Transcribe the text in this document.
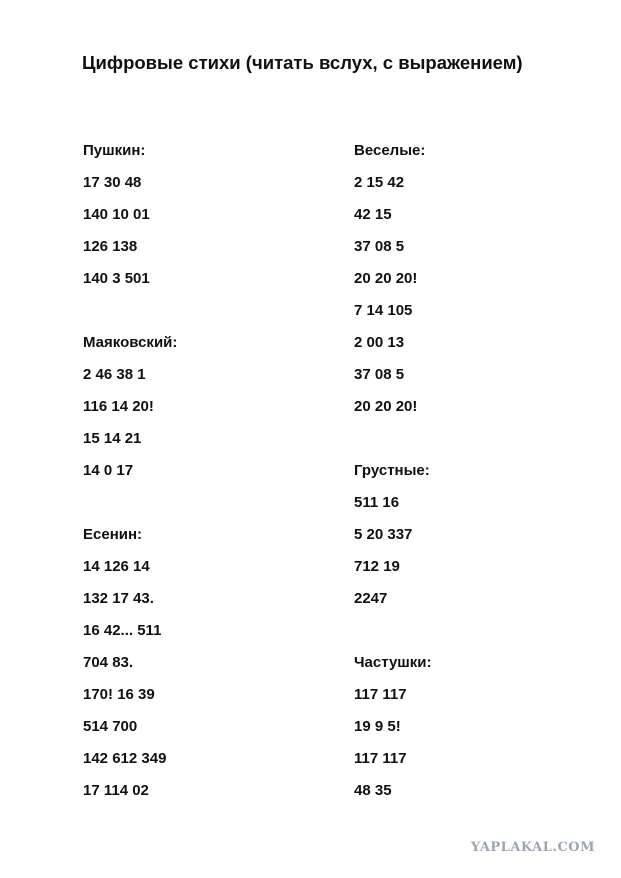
Цифровые стихи (читать вслух, с выражением)
Пушкин:
17 30 48
140 10 01
126 138
140 3 501
Маяковский:
2 46 38 1
116 14 20!
15 14 21
14 0 17
Есенин:
14 126 14
132 17 43.
16 42... 511
704 83.
170! 16 39
514 700
142 612 349
17 114 02
Веселые:
2 15 42
42 15
37 08 5
20 20 20!
7 14 105
2 00 13
37 08 5
20 20 20!
Грустные:
511 16
5 20 337
712 19
2247
Частушки:
117 117
19 9 5!
117 117
48 35
YAPLAKAL.COM
